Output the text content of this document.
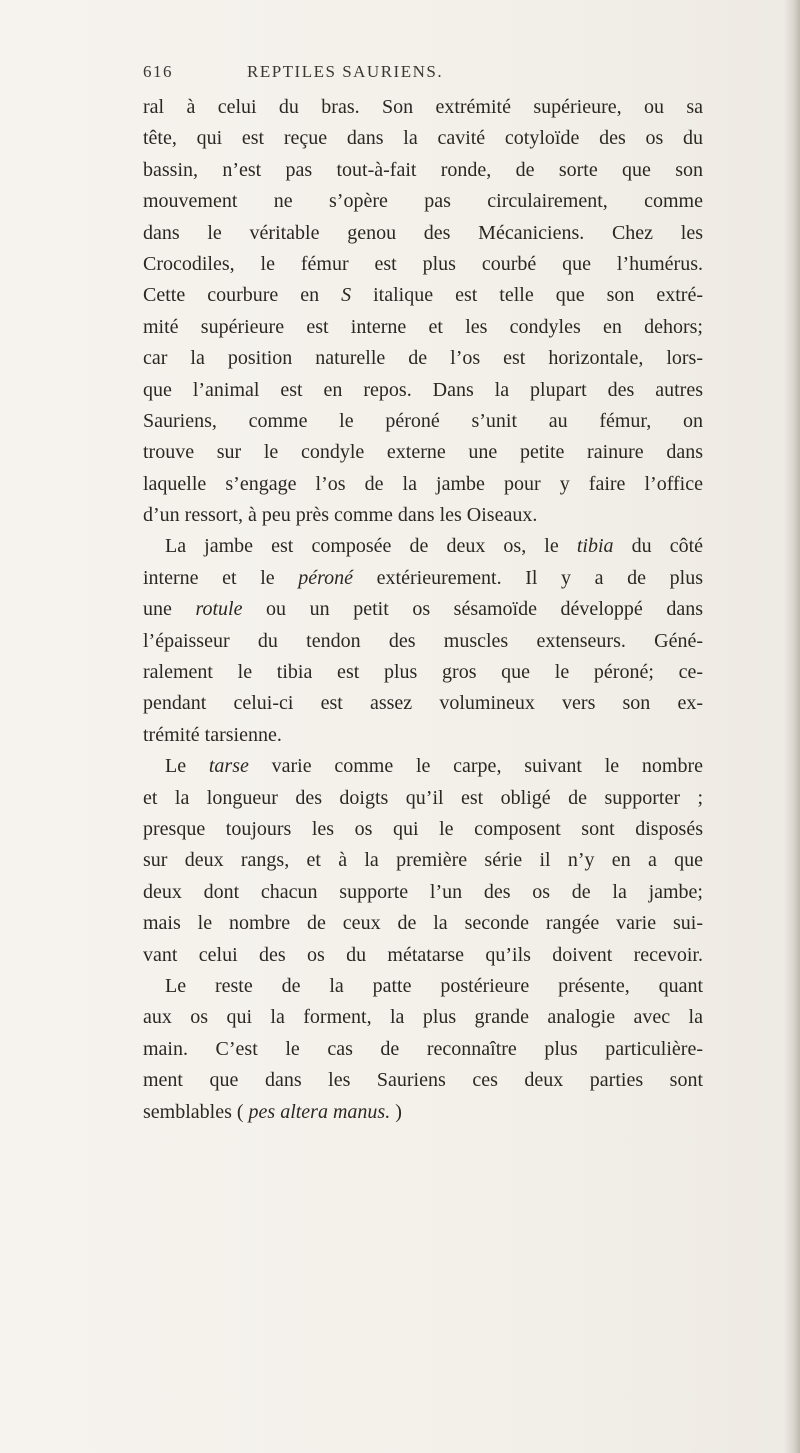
616	REPTILES SAURIENS.
ral à celui du bras. Son extrémité supérieure, ou sa
tête, qui est reçue dans la cavité cotyloïde des os du
bassin, n’est pas tout-à-fait ronde, de sorte que son
mouvement ne s’opère pas circulairement, comme
dans le véritable genou des Mécaniciens. Chez les
Crocodiles, le fémur est plus courbé que l’humérus.
Cette courbure en S italique est telle que son extré-
mité supérieure est interne et les condyles en dehors;
car la position naturelle de l’os est horizontale, lors-
que l’animal est en repos. Dans la plupart des autres
Sauriens, comme le péroné s’unit au fémur, on
trouve sur le condyle externe une petite rainure dans
laquelle s’engage l’os de la jambe pour y faire l’office
d’un ressort, à peu près comme dans les Oiseaux.
La jambe est composée de deux os, le tibia du côté
interne et le péroné extérieurement. Il y a de plus
une rotule ou un petit os sésamoïde développé dans
l’épaisseur du tendon des muscles extenseurs. Géné-
ralement le tibia est plus gros que le péroné; ce-
pendant celui-ci est assez volumineux vers son ex-
trémité tarsienne.
Le tarse varie comme le carpe, suivant le nombre
et la longueur des doigts qu’il est obligé de supporter ;
presque toujours les os qui le composent sont disposés
sur deux rangs, et à la première série il n’y en a que
deux dont chacun supporte l’un des os de la jambe;
mais le nombre de ceux de la seconde rangée varie sui-
vant celui des os du métatarse qu’ils doivent recevoir.
Le reste de la patte postérieure présente, quant
aux os qui la forment, la plus grande analogie avec la
main. C’est le cas de reconnaître plus particulière-
ment que dans les Sauriens ces deux parties sont
semblables ( pes altera manus. )
